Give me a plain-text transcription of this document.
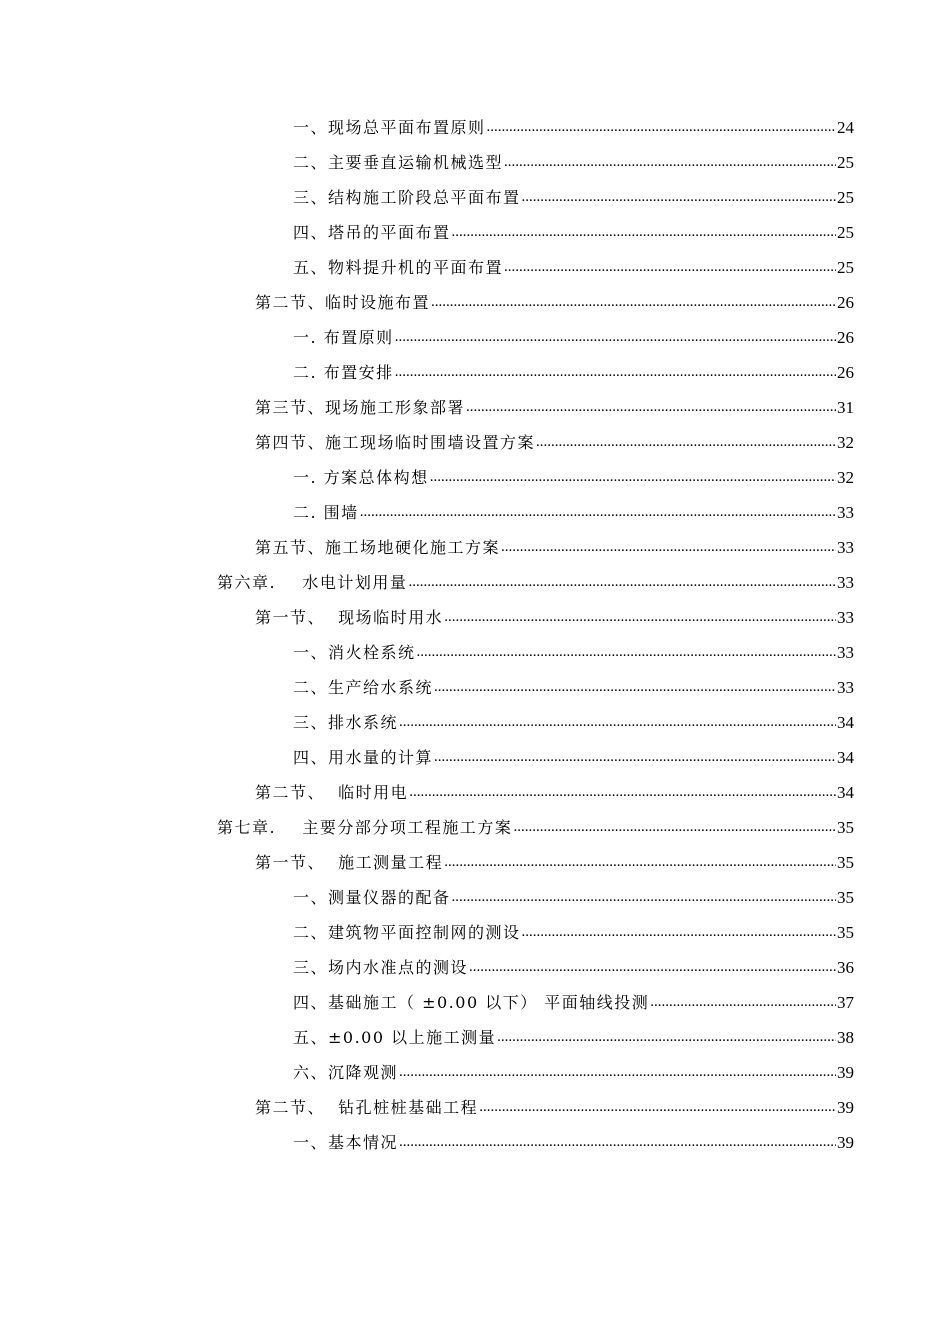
一、现场总平面布置原则 .....	24
二、主要垂直运输机械选型 .....	25
三、结构施工阶段总平面布置 .....	25
四、塔吊的平面布置 .....	25
五、物料提升机的平面布置 .....	25
第二节、临时设施布置 .....	26
一. 布置原则 .....	26
二. 布置安排 .....	26
第三节、现场施工形象部署 .....	31
第四节、施工现场临时围墙设置方案 .....	32
一. 方案总体构想 .....	32
二. 围墙 .....	33
第五节、施工场地硬化施工方案 .....	33
第六章.    水电计划用量 .....	33
第一节、  现场临时用水 .....	33
一、消火栓系统 .....	33
二、生产给水系统 .....	33
三、排水系统 .....	34
四、用水量的计算 .....	34
第二节、  临时用电 .....	34
第七章.    主要分部分项工程施工方案 .....	35
第一节、  施工测量工程 .....	35
一、测量仪器的配备 .....	35
二、建筑物平面控制网的测设 .....	35
三、场内水准点的测设 .....	36
四、基础施工（ ±0.00 以下） 平面轴线投测 .....	37
五、±0.00 以上施工测量 .....	38
六、沉降观测 .....	39
第二节、  钻孔桩桩基础工程 .....	39
一、基本情况 .....	39
